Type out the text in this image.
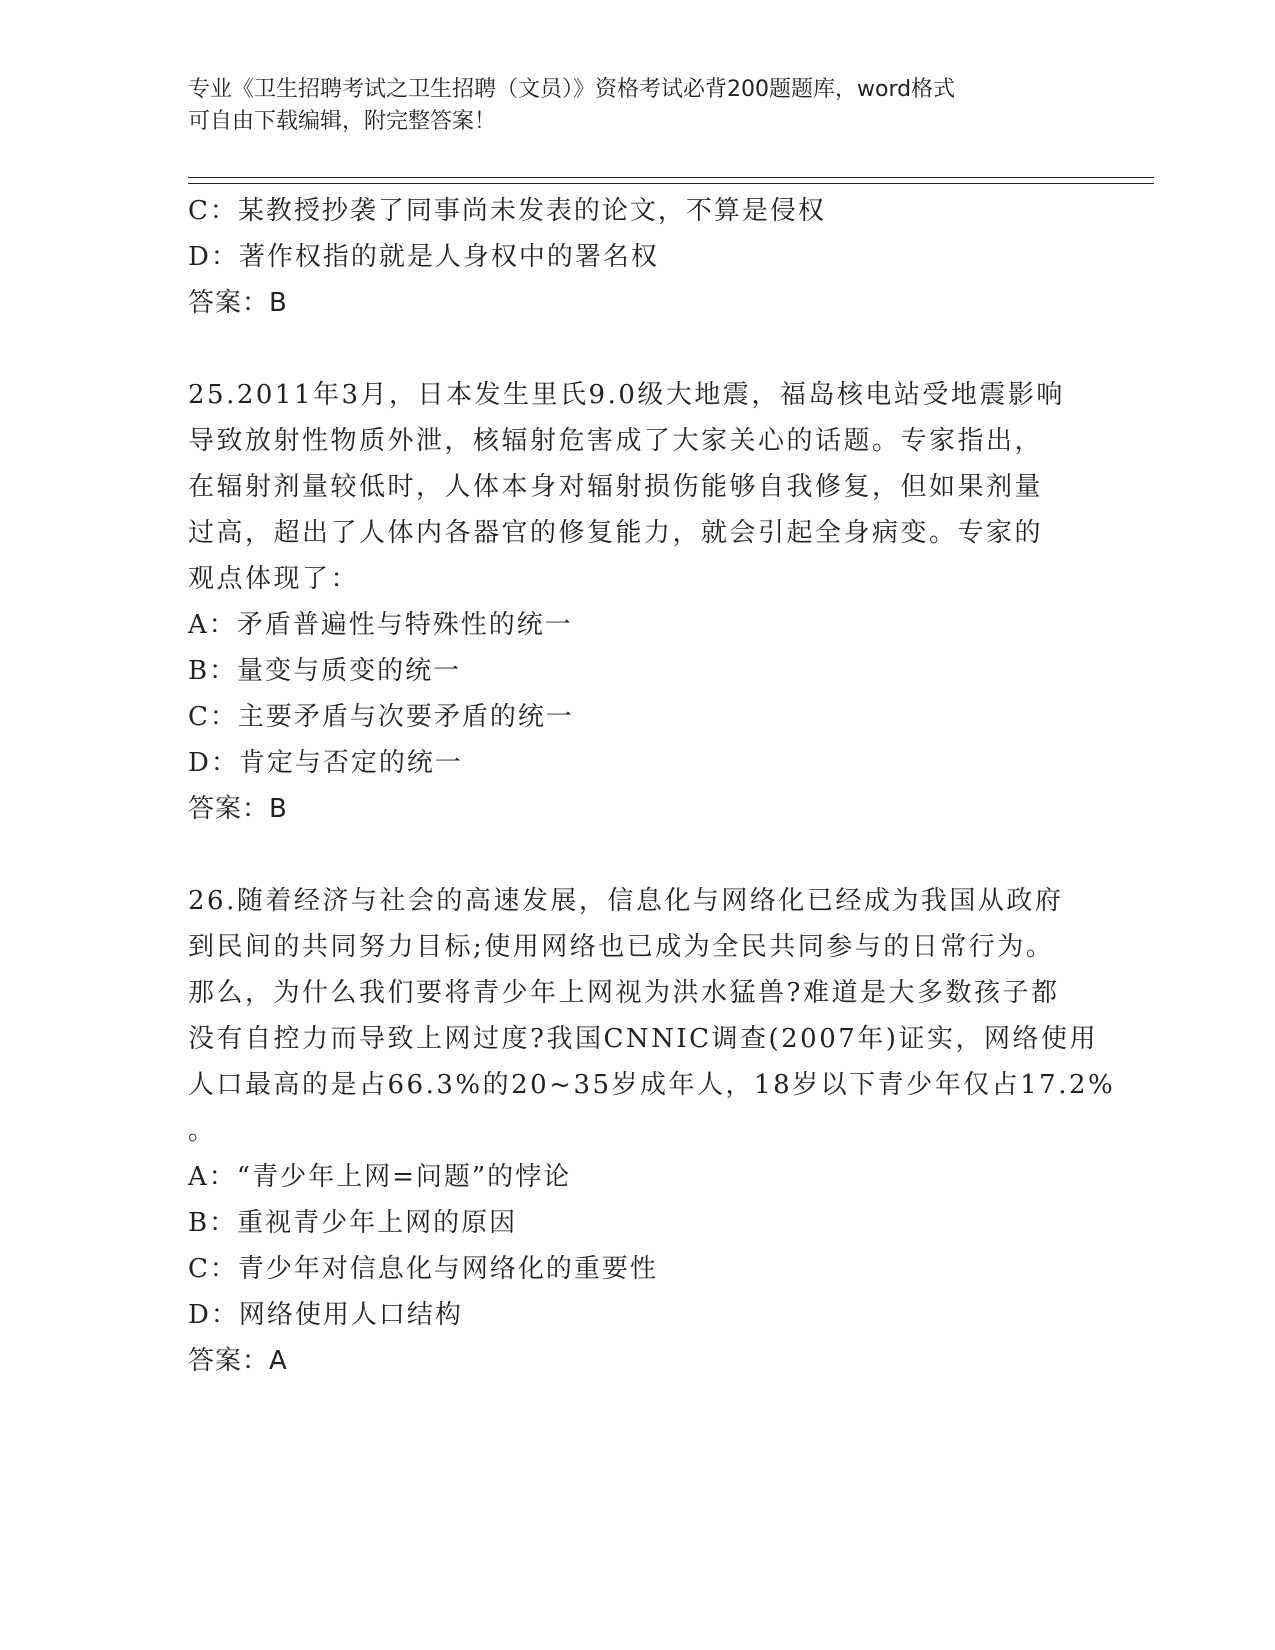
专业《卫生招聘考试之卫生招聘（文员）》资格考试必背200题题库，word格式
可自由下载编辑，附完整答案！
C：某教授抄袭了同事尚未发表的论文，不算是侵权
D：著作权指的就是人身权中的署名权
答案：B
25.2011年3月，日本发生里氏9.0级大地震，福岛核电站受地震影响
导致放射性物质外泄，核辐射危害成了大家关心的话题。专家指出，
在辐射剂量较低时，人体本身对辐射损伤能够自我修复，但如果剂量
过高，超出了人体内各器官的修复能力，就会引起全身病变。专家的
观点体现了：
A：矛盾普遍性与特殊性的统一
B：量变与质变的统一
C：主要矛盾与次要矛盾的统一
D：肯定与否定的统一
答案：B
26.随着经济与社会的高速发展，信息化与网络化已经成为我国从政府
到民间的共同努力目标;使用网络也已成为全民共同参与的日常行为。
那么，为什么我们要将青少年上网视为洪水猛兽?难道是大多数孩子都
没有自控力而导致上网过度?我国CNNIC调查(2007年)证实，网络使用
人口最高的是占66.3%的20~35岁成年人，18岁以下青少年仅占17.2%
。
A：“青少年上网=问题”的悖论
B：重视青少年上网的原因
C：青少年对信息化与网络化的重要性
D：网络使用人口结构
答案：A
